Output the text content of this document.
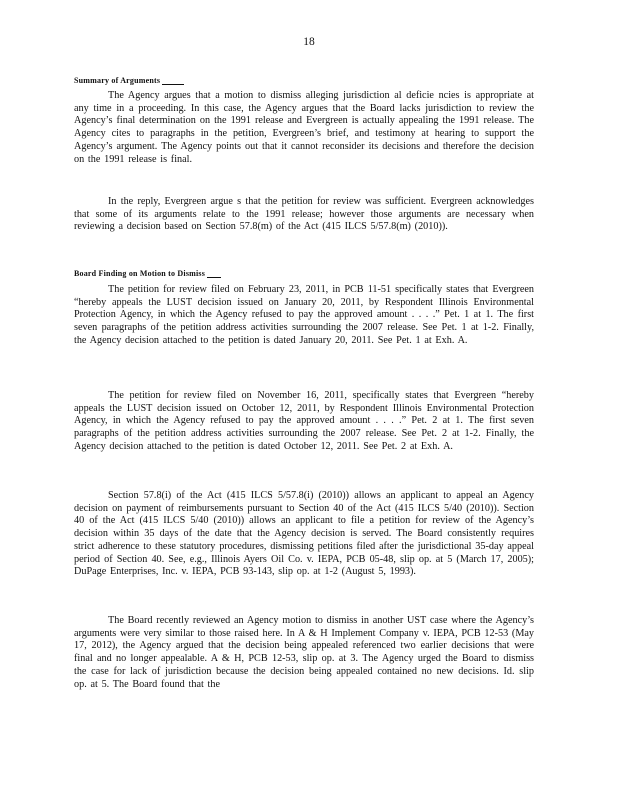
18
Summary of Arguments

The Agency argues that a motion to dismiss alleging jurisdiction al deficie ncies is appropriate at any time in a proceeding. In this case, the Agency argues that the Board lacks jurisdiction to review the Agency’s final determination on the 1991 release and Evergreen is actually appealing the 1991 release. The Agency cites to paragraphs in the petition, Evergreen’s brief, and testimony at hearing to support the Agency’s argument. The Agency points out that it cannot reconsider its decisions and therefore the decision on the 1991 release is final.

In the reply, Evergreen argue s that the petition for review was sufficient. Evergreen acknowledges that some of its arguments relate to the 1991 release; however those arguments are necessary when reviewing a decision based on Section 57.8(m) of the Act (415 ILCS 5/57.8(m) (2010)).

Board Finding on Motion to Dismiss

The petition for review filed on February 23, 2011, in PCB 11-51 specifically states that Evergreen “hereby appeals the LUST decision issued on January 20, 2011, by Respondent Illinois Environmental Protection Agency, in which the Agency refused to pay the approved amount . . . .” Pet. 1 at 1. The first seven paragraphs of the petition address activities surrounding the 2007 release. See Pet. 1 at 1-2. Finally, the Agency decision attached to the petition is dated January 20, 2011. See Pet. 1 at Exh. A.

The petition for review filed on November 16, 2011, specifically states that Evergreen “hereby appeals the LUST decision issued on October 12, 2011, by Respondent Illinois Environmental Protection Agency, in which the Agency refused to pay the approved amount . . . .” Pet. 2 at 1. The first seven paragraphs of the petition address activities surrounding the 2007 release. See Pet. 2 at 1-2. Finally, the Agency decision attached to the petition is dated October 12, 2011. See Pet. 2 at Exh. A.

Section 57.8(i) of the Act (415 ILCS 5/57.8(i) (2010)) allows an applicant to appeal an Agency decision on payment of reimbursements pursuant to Section 40 of the Act (415 ILCS 5/40 (2010)). Section 40 of the Act (415 ILCS 5/40 (2010)) allows an applicant to file a petition for review of the Agency’s decision within 35 days of the date that the Agency decision is served. The Board consistently requires strict adherence to these statutory procedures, dismissing petitions filed after the jurisdictional 35-day appeal period of Section 40. See, e.g., Illinois Ayers Oil Co. v. IEPA, PCB 05-48, slip op. at 5 (March 17, 2005); DuPage Enterprises, Inc. v. IEPA, PCB 93-143, slip op. at 1-2 (August 5, 1993).

The Board recently reviewed an Agency motion to dismiss in another UST case where the Agency’s arguments were very similar to those raised here. In A & H Implement Company v. IEPA, PCB 12-53 (May 17, 2012), the Agency argued that the decision being appealed referenced two earlier decisions that were final and no longer appealable. A & H, PCB 12-53, slip op. at 3. The Agency urged the Board to dismiss the case for lack of jurisdiction because the decision being appealed contained no new decisions. Id. slip op. at 5. The Board found that the
